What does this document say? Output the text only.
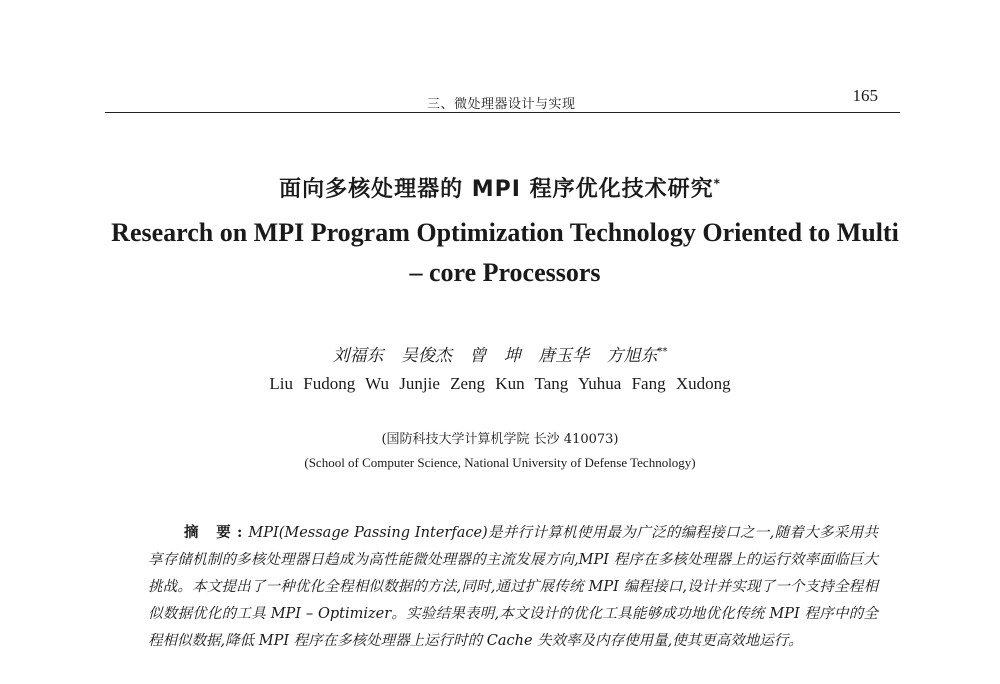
三、微处理器设计与实现	165
面向多核处理器的 MPI 程序优化技术研究*
Research on MPI Program Optimization Technology Oriented to Multi – core Processors
刘福东 吴俊杰 曾 坤 唐玉华 方旭东**
Liu Fudong Wu Junjie Zeng Kun Tang Yuhua Fang Xudong
(国防科技大学计算机学院 长沙 410073)
(School of Computer Science, National University of Defense Technology)
摘 要:MPI(Message Passing Interface)是并行计算机使用最为广泛的编程接口之一,随着大多采用共享存储机制的多核处理器日趋成为高性能微处理器的主流发展方向,MPI 程序在多核处理器上的运行效率面临巨大挑战。本文提出了一种优化全程相似数据的方法,同时,通过扩展传统 MPI 编程接口,设计并实现了一个支持全程相似数据优化的工具 MPI – Optimizer。实验结果表明,本文设计的优化工具能够成功地优化传统 MPI 程序中的全程相似数据,降低 MPI 程序在多核处理器上运行时的 Cache 失效率及内存使用量,使其更高效地运行。
